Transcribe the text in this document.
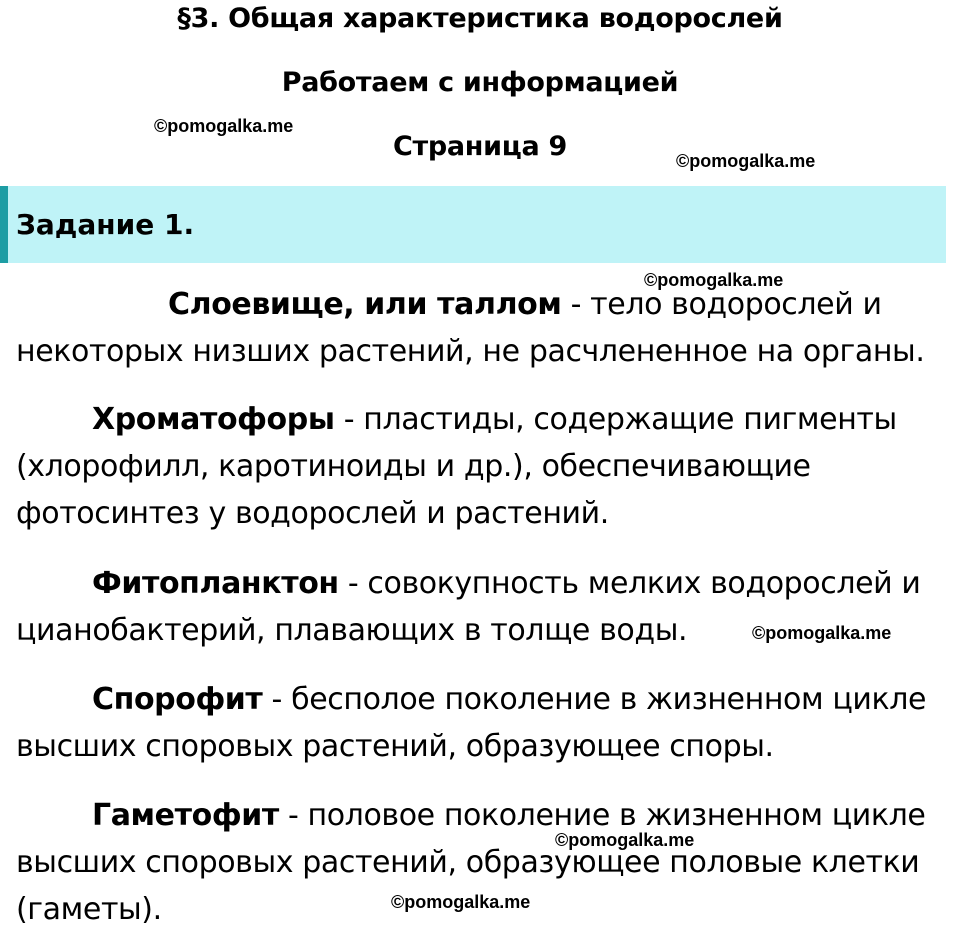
§3. Общая характеристика водорослей
Работаем с информацией
Страница 9
©pomogalka.me
©pomogalka.me
Задание 1.
©pomogalka.me
Слоевище, или таллом - тело водорослей и некоторых низших растений, не расчлененное на органы.
Хроматофоры - пластиды, содержащие пигменты (хлорофилл, каротиноиды и др.), обеспечивающие фотосинтез у водорослей и растений.
Фитопланктон - совокупность мелких водорослей и цианобактерий, плавающих в толще воды.	©pomogalka.me
Спорофит - бесполое поколение в жизненном цикле высших споровых растений, образующее споры.
Гаметофит - половое поколение в жизненном цикле высших споровых растений, образующее половые клетки (гаметы).
©pomogalka.me
©pomogalka.me
